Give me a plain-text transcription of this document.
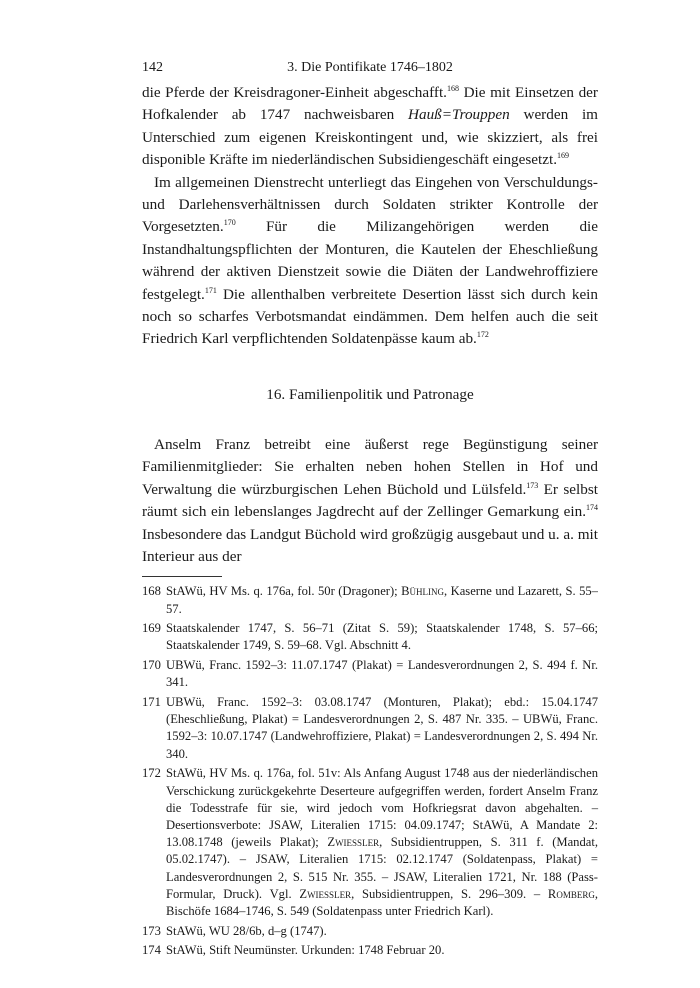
142	3. Die Pontifikate 1746–1802

die Pferde der Kreisdragoner-Einheit abgeschafft.$^{168}$ Die mit Einsetzen der Hofkalender ab 1747 nachweisbaren Hauß=Trouppen werden im Unterschied zum eigenen Kreiskontingent und, wie skizziert, als frei disponible Kräfte im niederländischen Subsidiengeschäft eingesetzt.$^{169}$

Im allgemeinen Dienstrecht unterliegt das Eingehen von Verschuldungs- und Darlehensverhältnissen durch Soldaten strikter Kontrolle der Vorgesetzten.$^{170}$ Für die Milizangehörigen werden die Instandhaltungspflichten der Monturen, die Kautelen der Eheschließung während der aktiven Dienstzeit sowie die Diäten der Landwehroffiziere festgelegt.$^{171}$ Die allenthalben verbreitete Desertion lässt sich durch kein noch so scharfes Verbotsmandat eindämmen. Dem helfen auch die seit Friedrich Karl verpflichtenden Soldatenpässe kaum ab.$^{172}$

16. Familienpolitik und Patronage

Anselm Franz betreibt eine äußerst rege Begünstigung seiner Familienmitglieder: Sie erhalten neben hohen Stellen in Hof und Verwaltung die würzburgischen Lehen Büchold und Lülsfeld.$^{173}$ Er selbst räumt sich ein lebenslanges Jagdrecht auf der Zellinger Gemarkung ein.$^{174}$ Insbesondere das Landgut Büchold wird großzügig ausgebaut und u. a. mit Interieur aus der

168 StAWü, HV Ms. q. 176a, fol. 50r (Dragoner); Bühling, Kaserne und Lazarett, S. 55–57.
169 Staatskalender 1747, S. 56–71 (Zitat S. 59); Staatskalender 1748, S. 57–66; Staatskalender 1749, S. 59–68. Vgl. Abschnitt 4.
170 UBWü, Franc. 1592–3: 11.07.1747 (Plakat) = Landesverordnungen 2, S. 494 f. Nr. 341.
171 UBWü, Franc. 1592–3: 03.08.1747 (Monturen, Plakat); ebd.: 15.04.1747 (Eheschließung, Plakat) = Landesverordnungen 2, S. 487 Nr. 335. – UBWü, Franc. 1592–3: 10.07.1747 (Landwehroffiziere, Plakat) = Landesverordnungen 2, S. 494 Nr. 340.
172 StAWü, HV Ms. q. 176a, fol. 51v: Als Anfang August 1748 aus der niederländischen Verschickung zurückgekehrte Deserteure aufgegriffen werden, fordert Anselm Franz die Todesstrafe für sie, wird jedoch vom Hofkriegsrat davon abgehalten. – Desertionsverbote: JSAW, Literalien 1715: 04.09.1747; StAWü, A Mandate 2: 13.08.1748 (jeweils Plakat); Zwiessler, Subsidientruppen, S. 311 f. (Mandat, 05.02.1747). – JSAW, Literalien 1715: 02.12.1747 (Soldatenpass, Plakat) = Landesverordnungen 2, S. 515 Nr. 355. – JSAW, Literalien 1721, Nr. 188 (Pass-Formular, Druck). Vgl. Zwiessler, Subsidientruppen, S. 296–309. – Romberg, Bischöfe 1684–1746, S. 549 (Soldatenpass unter Friedrich Karl).
173 StAWü, WU 28/6b, d–g (1747).
174 StAWü, Stift Neumünster. Urkunden: 1748 Februar 20.
